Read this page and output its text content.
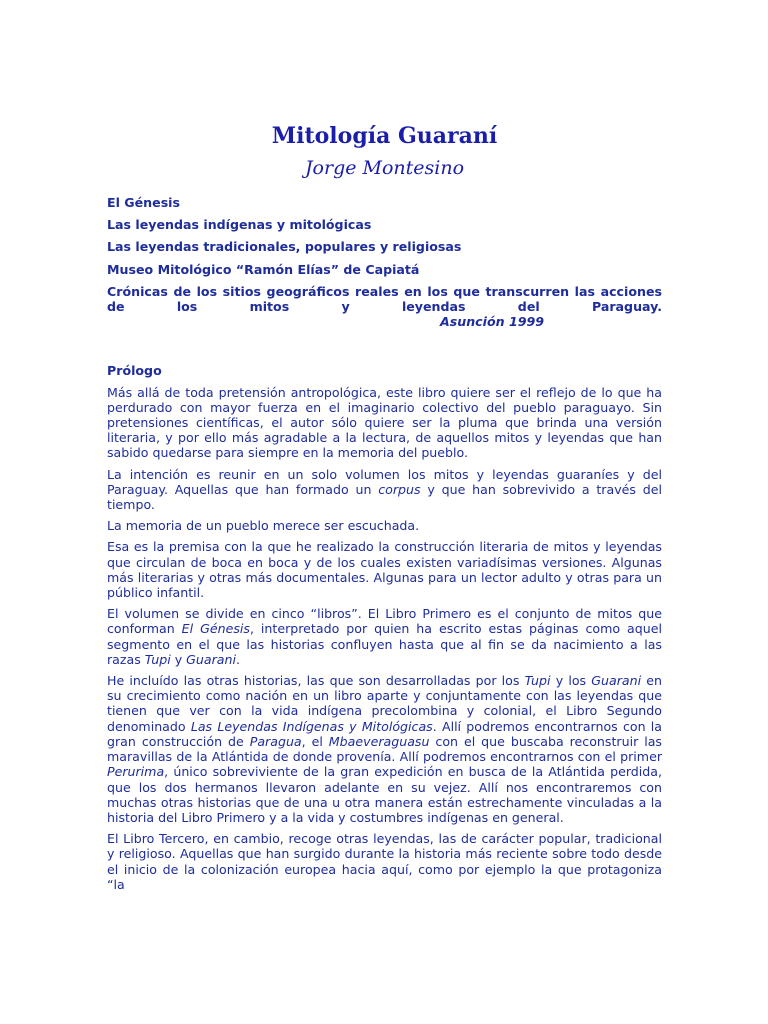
Mitología Guaraní
Jorge Montesino

El Génesis

Las leyendas indígenas y mitológicas

Las leyendas tradicionales, populares y religiosas

Museo Mitológico “Ramón Elías” de Capiatá

Crónicas de los sitios geográficos reales en los que transcurren las acciones de los mitos y leyendas del Paraguay.

Asunción 1999

Prólogo

Más allá de toda pretensión antropológica, este libro quiere ser el reflejo de lo que ha perdurado con mayor fuerza en el imaginario colectivo del pueblo paraguayo. Sin pretensiones científicas, el autor sólo quiere ser la pluma que brinda una versión literaria, y por ello más agradable a la lectura, de aquellos mitos y leyendas que han sabido quedarse para siempre en la memoria del pueblo.

La intención es reunir en un solo volumen los mitos y leyendas guaraníes y del Paraguay. Aquellas que han formado un corpus y que han sobrevivido a través del tiempo.

La memoria de un pueblo merece ser escuchada.

Esa es la premisa con la que he realizado la construcción literaria de mitos y leyendas que circulan de boca en boca y de los cuales existen variadísimas versiones. Algunas más literarias y otras más documentales. Algunas para un lector adulto y otras para un público infantil.

El volumen se divide en cinco “libros”. El Libro Primero es el conjunto de mitos que conforman El Génesis, interpretado por quien ha escrito estas páginas como aquel segmento en el que las historias confluyen hasta que al fin se da nacimiento a las razas Tupi y Guarani.

He incluído las otras historias, las que son desarrolladas por los Tupi y los Guarani en su crecimiento como nación en un libro aparte y conjuntamente con las leyendas que tienen que ver con la vida indígena precolombina y colonial, el Libro Segundo denominado Las Leyendas Indígenas y Mitológicas. Allí podremos encontrarnos con la gran construcción de Paragua, el Mbaeveraguasu con el que buscaba reconstruir las maravillas de la Atlántida de donde provenía. Allí podremos encontrarnos con el primer Perurima, único sobreviviente de la gran expedición en busca de la Atlántida perdida, que los dos hermanos llevaron adelante en su vejez. Allí nos encontraremos con muchas otras historias que de una u otra manera están estrechamente vinculadas a la historia del Libro Primero y a la vida y costumbres indígenas en general.

El Libro Tercero, en cambio, recoge otras leyendas, las de carácter popular, tradicional y religioso. Aquellas que han surgido durante la historia más reciente sobre todo desde el inicio de la colonización europea hacia aquí, como por ejemplo la que protagoniza “la
